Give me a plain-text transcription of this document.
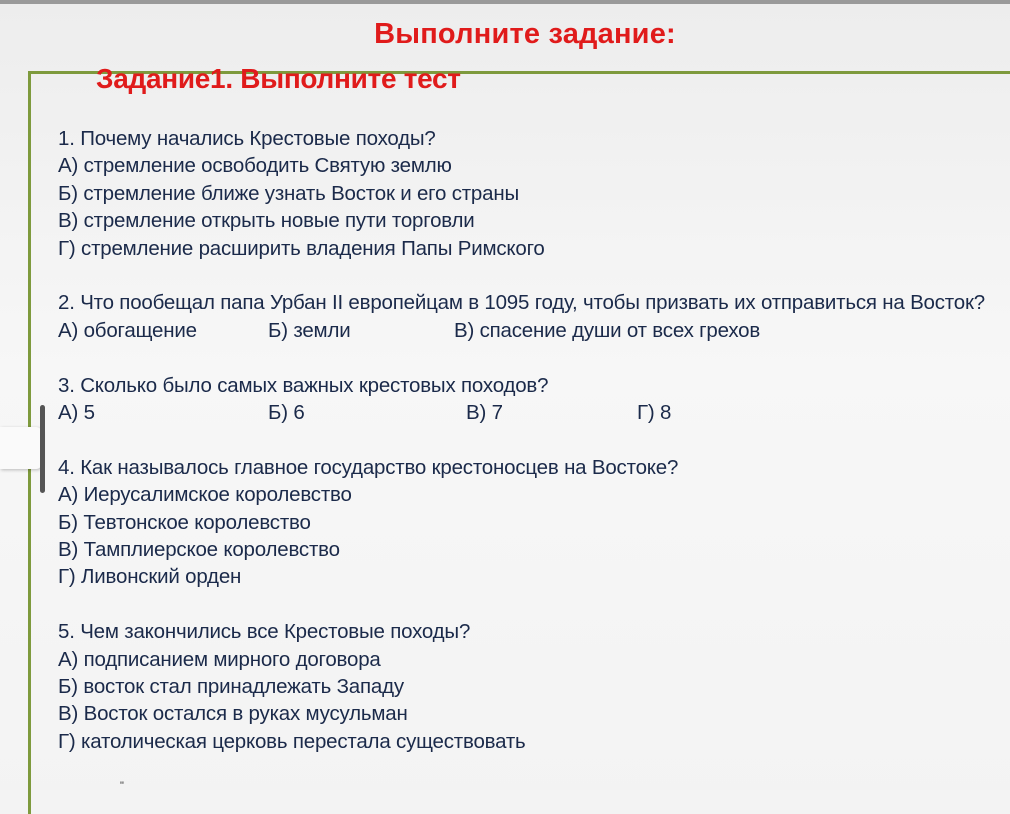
Выполните задание:
Задание1. Выполните тест
1. Почему начались Крестовые походы?
А) стремление освободить Святую землю
Б) стремление ближе узнать Восток и его страны
В) стремление открыть новые пути торговли
Г) стремление расширить владения Папы Римского
2. Что пообещал папа Урбан II европейцам в 1095 году, чтобы призвать их отправиться на Восток?
А) обогащение	Б) земли	В) спасение души от всех грехов
3. Сколько было самых важных крестовых походов?
А) 5	Б) 6	В) 7	Г) 8
4. Как называлось главное государство крестоносцев на Востоке?
А) Иерусалимское королевство
Б) Тевтонское королевство
В) Тамплиерское королевство
Г) Ливонский орден
5. Чем закончились все Крестовые походы?
А) подписанием мирного договора
Б) восток стал принадлежать Западу
В) Восток остался в руках мусульман
Г) католическая церковь перестала существовать
"
